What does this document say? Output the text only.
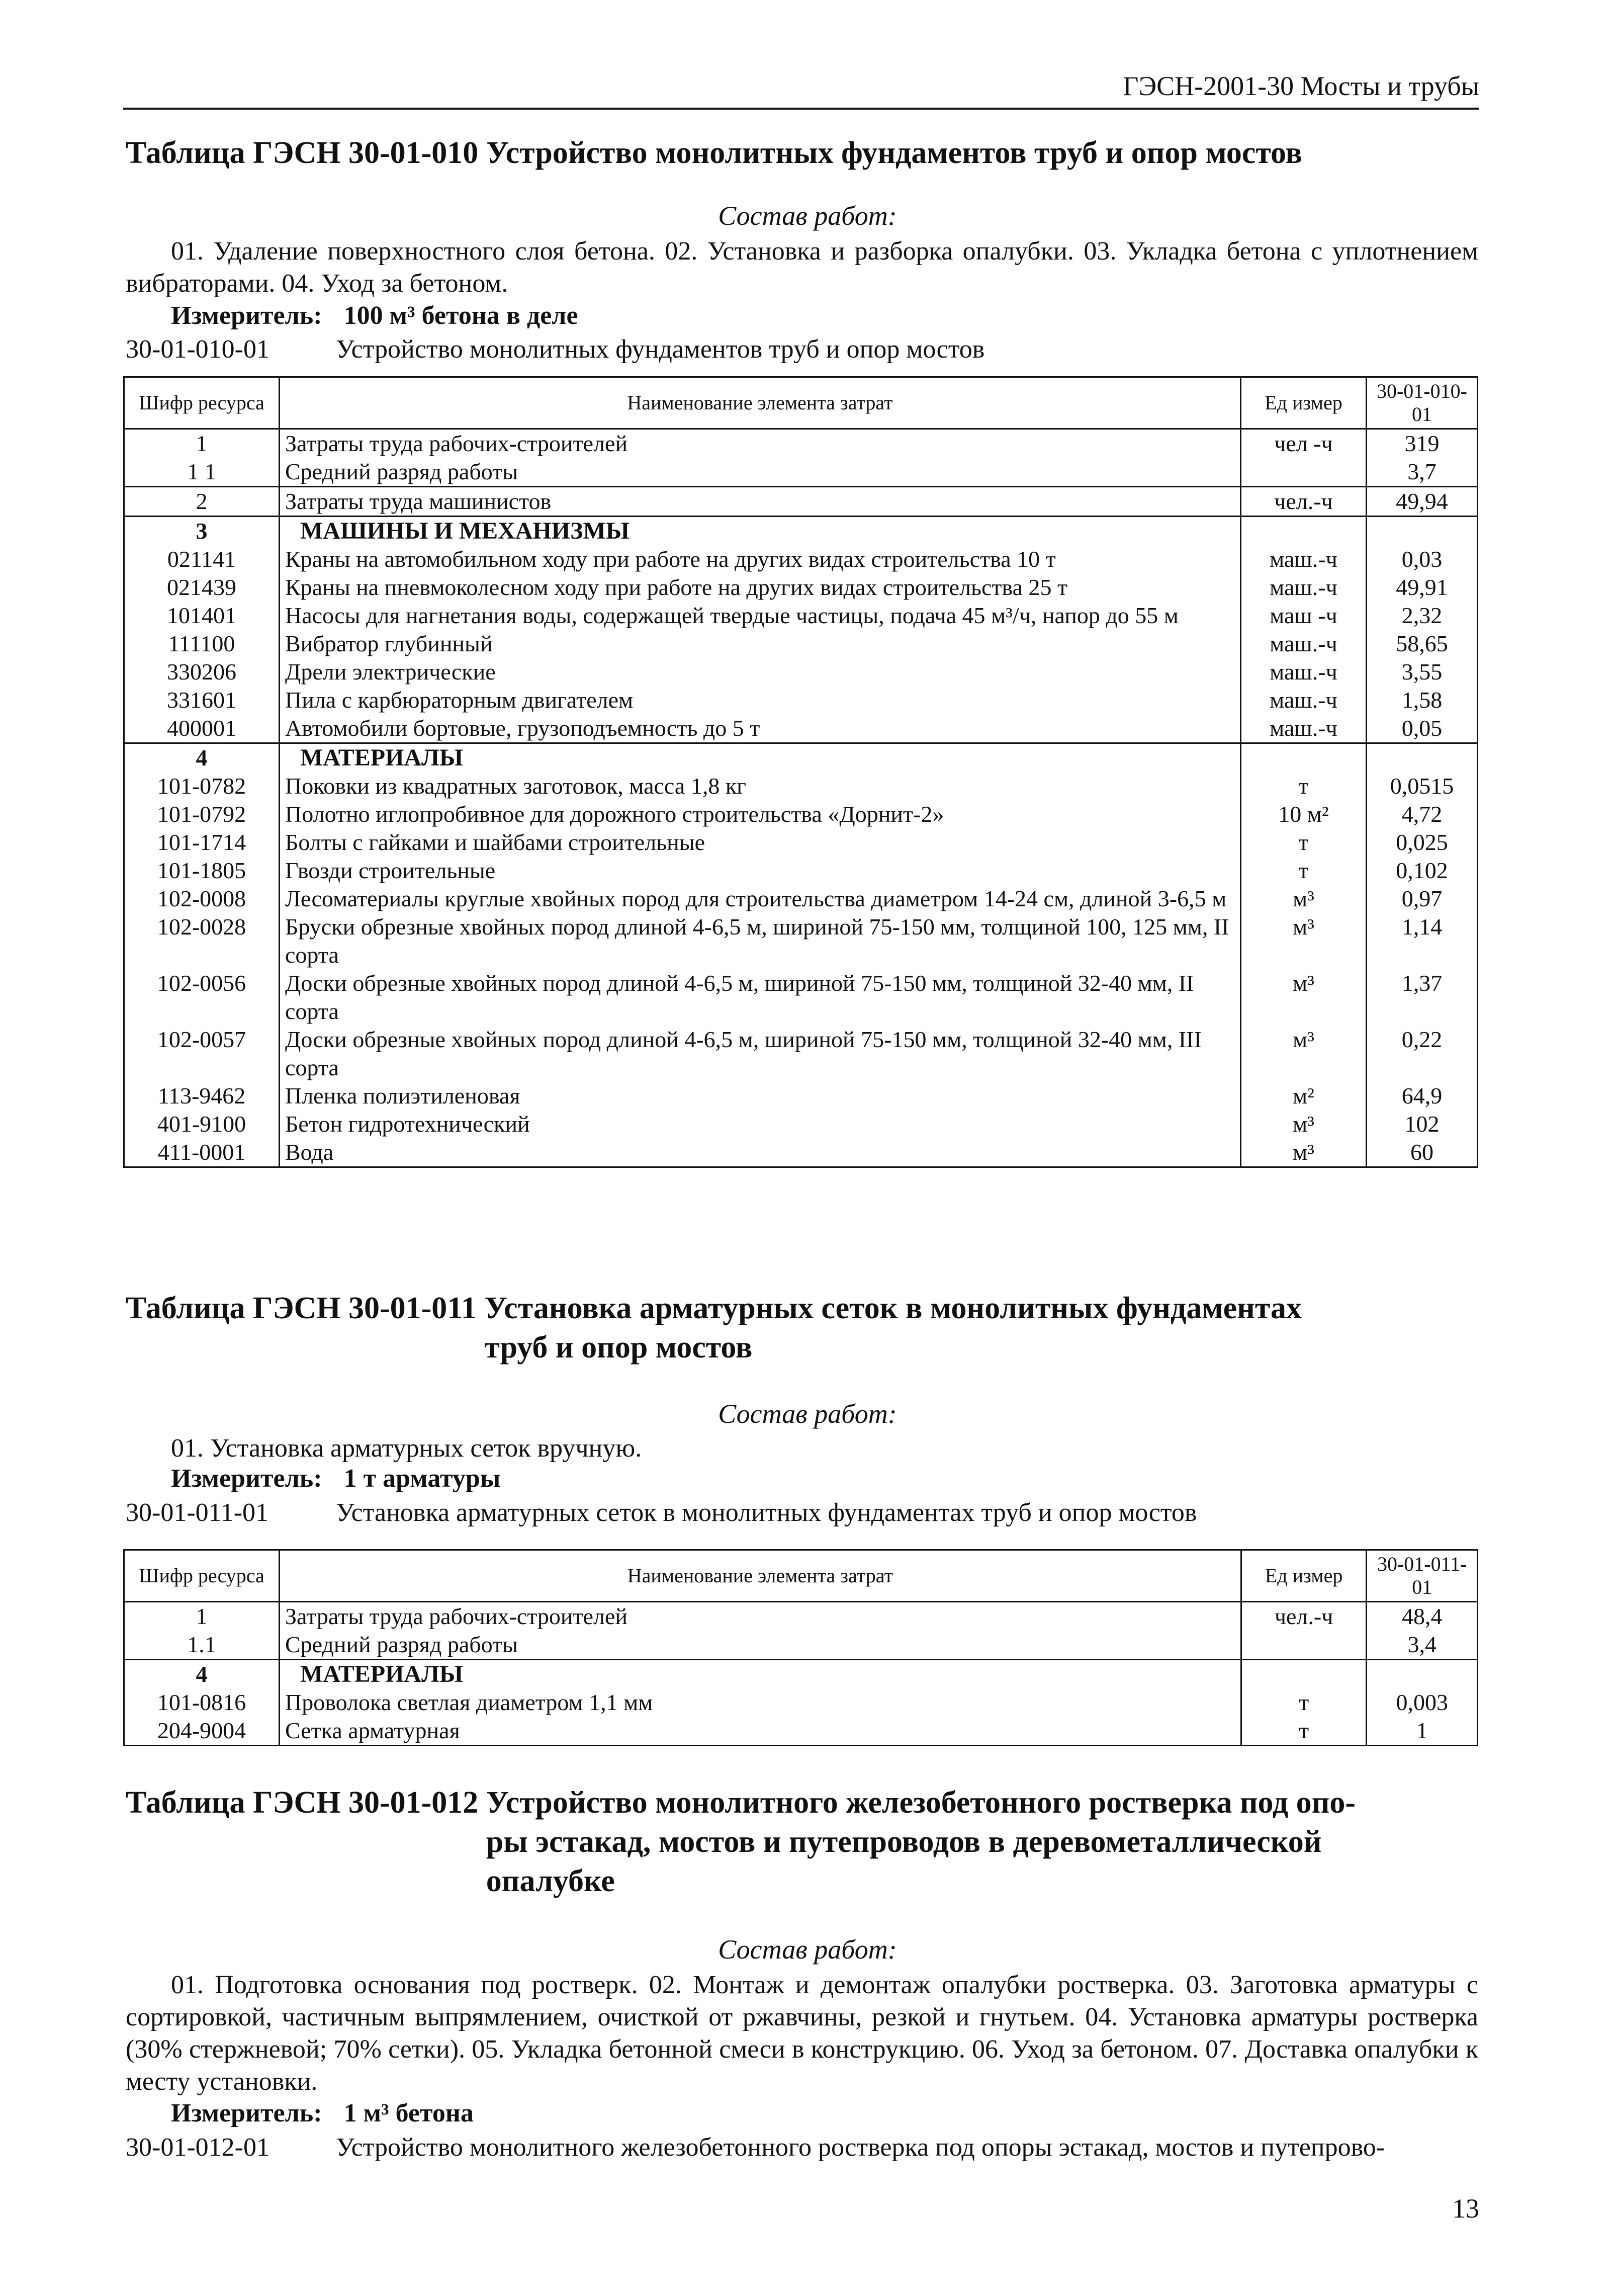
ГЭСН-2001-30 Мосты и трубы
Таблица ГЭСН 30-01-010 Устройство монолитных фундаментов труб и опор мостов
Состав работ:
01. Удаление поверхностного слоя бетона. 02. Установка и разборка опалубки. 03. Укладка бетона с уплотнением вибраторами. 04. Уход за бетоном.
Измеритель: 100 м³ бетона в деле
30-01-010-01	Устройство монолитных фундаментов труб и опор мостов
Шифр ресурса	Наименование элемента затрат	Ед измер	30-01-010-01
1	Затраты труда рабочих-строителей	чел -ч	319
1 1	Средний разряд работы		3,7
2	Затраты труда машинистов	чел.-ч	49,94
3	МАШИНЫ И МЕХАНИЗМЫ		
021141	Краны на автомобильном ходу при работе на других видах строительства 10 т	маш.-ч	0,03
021439	Краны на пневмоколесном ходу при работе на других видах строительства 25 т	маш.-ч	49,91
101401	Насосы для нагнетания воды, содержащей твердые частицы, подача 45 м³/ч, напор до 55 м	маш -ч	2,32
111100	Вибратор глубинный	маш.-ч	58,65
330206	Дрели электрические	маш.-ч	3,55
331601	Пила с карбюраторным двигателем	маш.-ч	1,58
400001	Автомобили бортовые, грузоподъемность до 5 т	маш.-ч	0,05
4	МАТЕРИАЛЫ		
101-0782	Поковки из квадратных заготовок, масса 1,8 кг	т	0,0515
101-0792	Полотно иглопробивное для дорожного строительства «Дорнит-2»	10 м²	4,72
101-1714	Болты с гайками и шайбами строительные	т	0,025
101-1805	Гвозди строительные	т	0,102
102-0008	Лесоматериалы круглые хвойных пород для строительства диаметром 14-24 см, длиной 3-6,5 м	м³	0,97
102-0028	Бруски обрезные хвойных пород длиной 4-6,5 м, шириной 75-150 мм, толщиной 100, 125 мм, II сорта	м³	1,14
102-0056	Доски обрезные хвойных пород длиной 4-6,5 м, шириной 75-150 мм, толщиной 32-40 мм, II сорта	м³	1,37
102-0057	Доски обрезные хвойных пород длиной 4-6,5 м, шириной 75-150 мм, толщиной 32-40 мм, III сорта	м³	0,22
113-9462	Пленка полиэтиленовая	м²	64,9
401-9100	Бетон гидротехнический	м³	102
411-0001	Вода	м³	60
Таблица ГЭСН 30-01-011 Установка арматурных сеток в монолитных фундаментах
труб и опор мостов
Состав работ:
01. Установка арматурных сеток вручную.
Измеритель: 1 т арматуры
30-01-011-01	Установка арматурных сеток в монолитных фундаментах труб и опор мостов
Шифр ресурса	Наименование элемента затрат	Ед измер	30-01-011-01
1	Затраты труда рабочих-строителей	чел.-ч	48,4
1.1	Средний разряд работы		3,4
4	МАТЕРИАЛЫ		
101-0816	Проволока светлая диаметром 1,1 мм	т	0,003
204-9004	Сетка арматурная	т	1
Таблица ГЭСН 30-01-012 Устройство монолитного железобетонного ростверка под опо-
ры эстакад, мостов и путепроводов в деревометаллической
опалубке
Состав работ:
01. Подготовка основания под ростверк. 02. Монтаж и демонтаж опалубки ростверка. 03. Заготовка арматуры с сортировкой, частичным выпрямлением, очисткой от ржавчины, резкой и гнутьем. 04. Установка арматуры ростверка (30% стержневой; 70% сетки). 05. Укладка бетонной смеси в конструкцию. 06. Уход за бетоном. 07. Доставка опалубки к месту установки.
Измеритель: 1 м³ бетона
30-01-012-01	Устройство монолитного железобетонного ростверка под опоры эстакад, мостов и путепрово-
13
